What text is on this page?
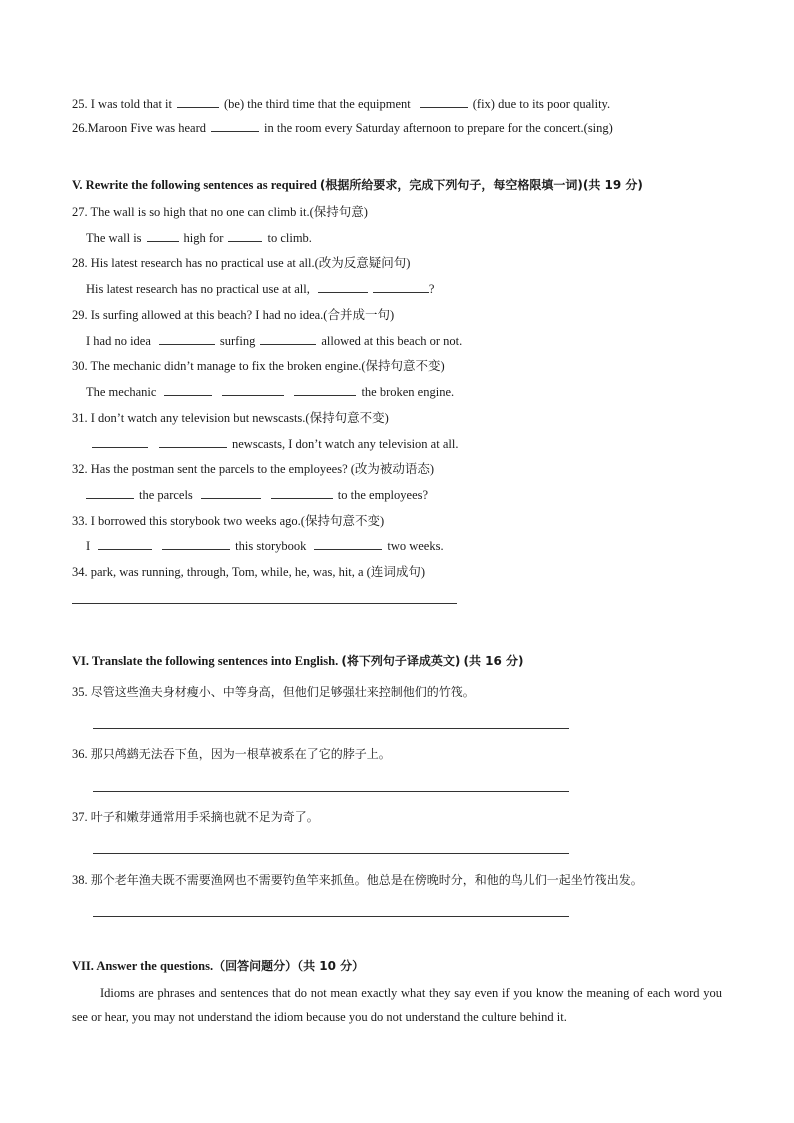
25. I was told that it	(be) the third time that the equipment	(fix) due to its poor quality.
26.Maroon Five was heard	in the room every Saturday afternoon to prepare for the concert.(sing)
V. Rewrite the following sentences as required (根据所给要求，完成下列句子，每空格限填一词)(共 19 分)
27. The wall is so high that no one can climb it.(保持句意)
The wall is	high for	to climb.
28. His latest research has no practical use at all.(改为反意疑问句)
His latest research has no practical use at all,	?
29. Is surfing allowed at this beach? I had no idea.(合并成一句)
I had no idea	surfing	allowed at this beach or not.
30. The mechanic didn’t manage to fix the broken engine.(保持句意不变)
The mechanic	the broken engine.
31. I don’t watch any television but newscasts.(保持句意不变)
newscasts, I don’t watch any television at all.
32. Has the postman sent the parcels to the employees? (改为被动语态)
the parcels	to the employees?
33. I borrowed this storybook two weeks ago.(保持句意不变)
I	this storybook	two weeks.
34. park, was running, through, Tom, while, he, was, hit, a (连词成句)
VI. Translate the following sentences into English. (将下列句子译成英文) (共 16 分)
35. 尽管这些渔夫身材瘦小、中等身高，但他们足够强壮来控制他们的竹筏。
36. 那只鸬鹚无法吞下鱼，因为一根草被系在了它的脖子上。
37. 叶子和嫩芽通常用手采摘也就不足为奇了。
38. 那个老年渔夫既不需要渔网也不需要钓鱼竿来抓鱼。他总是在傍晚时分，和他的鸟儿们一起坐竹筏出发。
VII. Answer the questions.（回答问题分）（共 10 分）
Idioms are phrases and sentences that do not mean exactly what they say even if you know the meaning of each word you see or hear, you may not understand the idiom because you do not understand the culture behind it.
